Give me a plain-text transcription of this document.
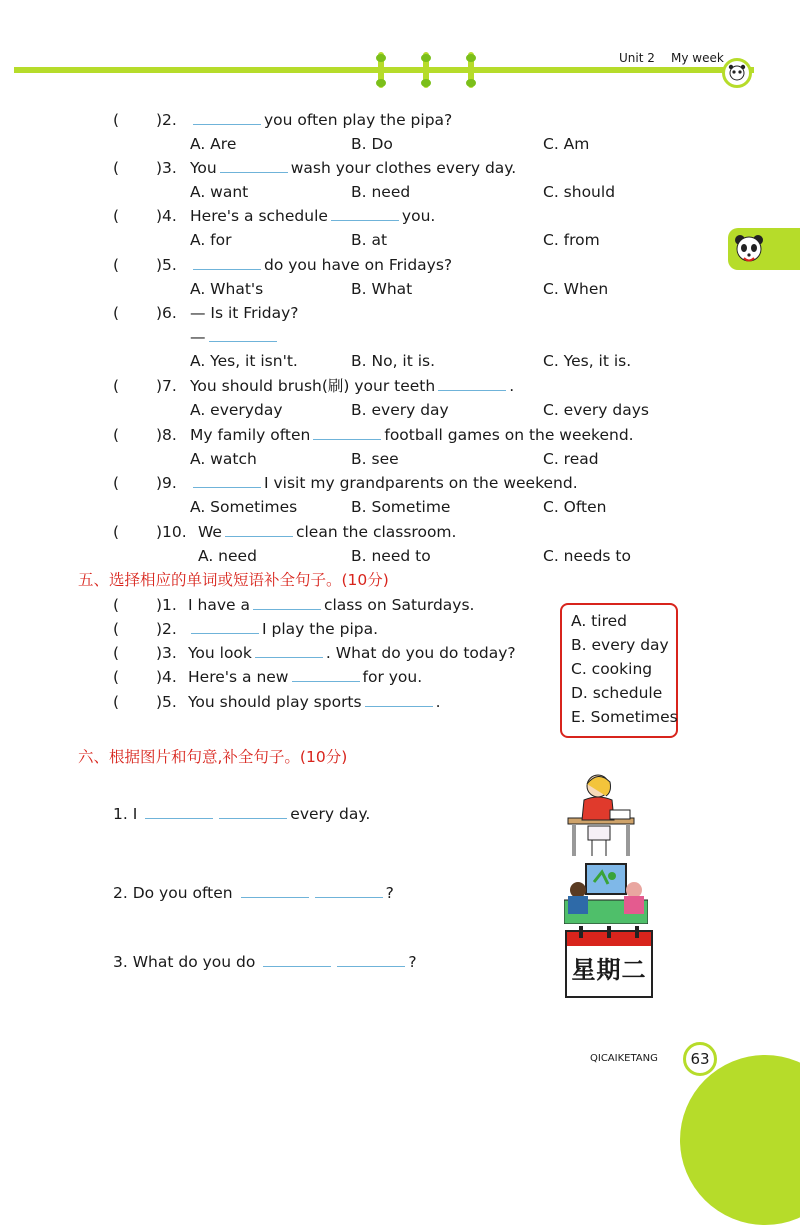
Unit 2 My week
( )2.	you often play the pipa?
A. Are	B. Do	C. Am
( )3. You	wash your clothes every day.
A. want	B. need	C. should
( )4. Here's a schedule	you.
A. for	B. at	C. from
( )5.	do you have on Fridays?
A. What's	B. What	C. When
( )6. — Is it Friday?
—
A. Yes, it isn't.	B. No, it is.	C. Yes, it is.
( )7. You should brush(刷) your teeth	.
A. everyday	B. every day	C. every days
( )8. My family often	football games on the weekend.
A. watch	B. see	C. read
( )9.	I visit my grandparents on the weekend.
A. Sometimes	B. Sometime	C. Often
( )10. We	clean the classroom.
A. need	B. need to	C. needs to
五、选择相应的单词或短语补全句子。(10分)
( )1. I have a	class on Saturdays.
( )2.	I play the pipa.
( )3. You look	. What do you do today?
( )4. Here's a new	for you.
( )5. You should play sports	.
A. tired
B. every day
C. cooking
D. schedule
E. Sometimes
六、根据图片和句意,补全句子。(10分)
1. I	every day.
2. Do you often	?
3. What do you do	?	星期二
QICAIKETANG	63
